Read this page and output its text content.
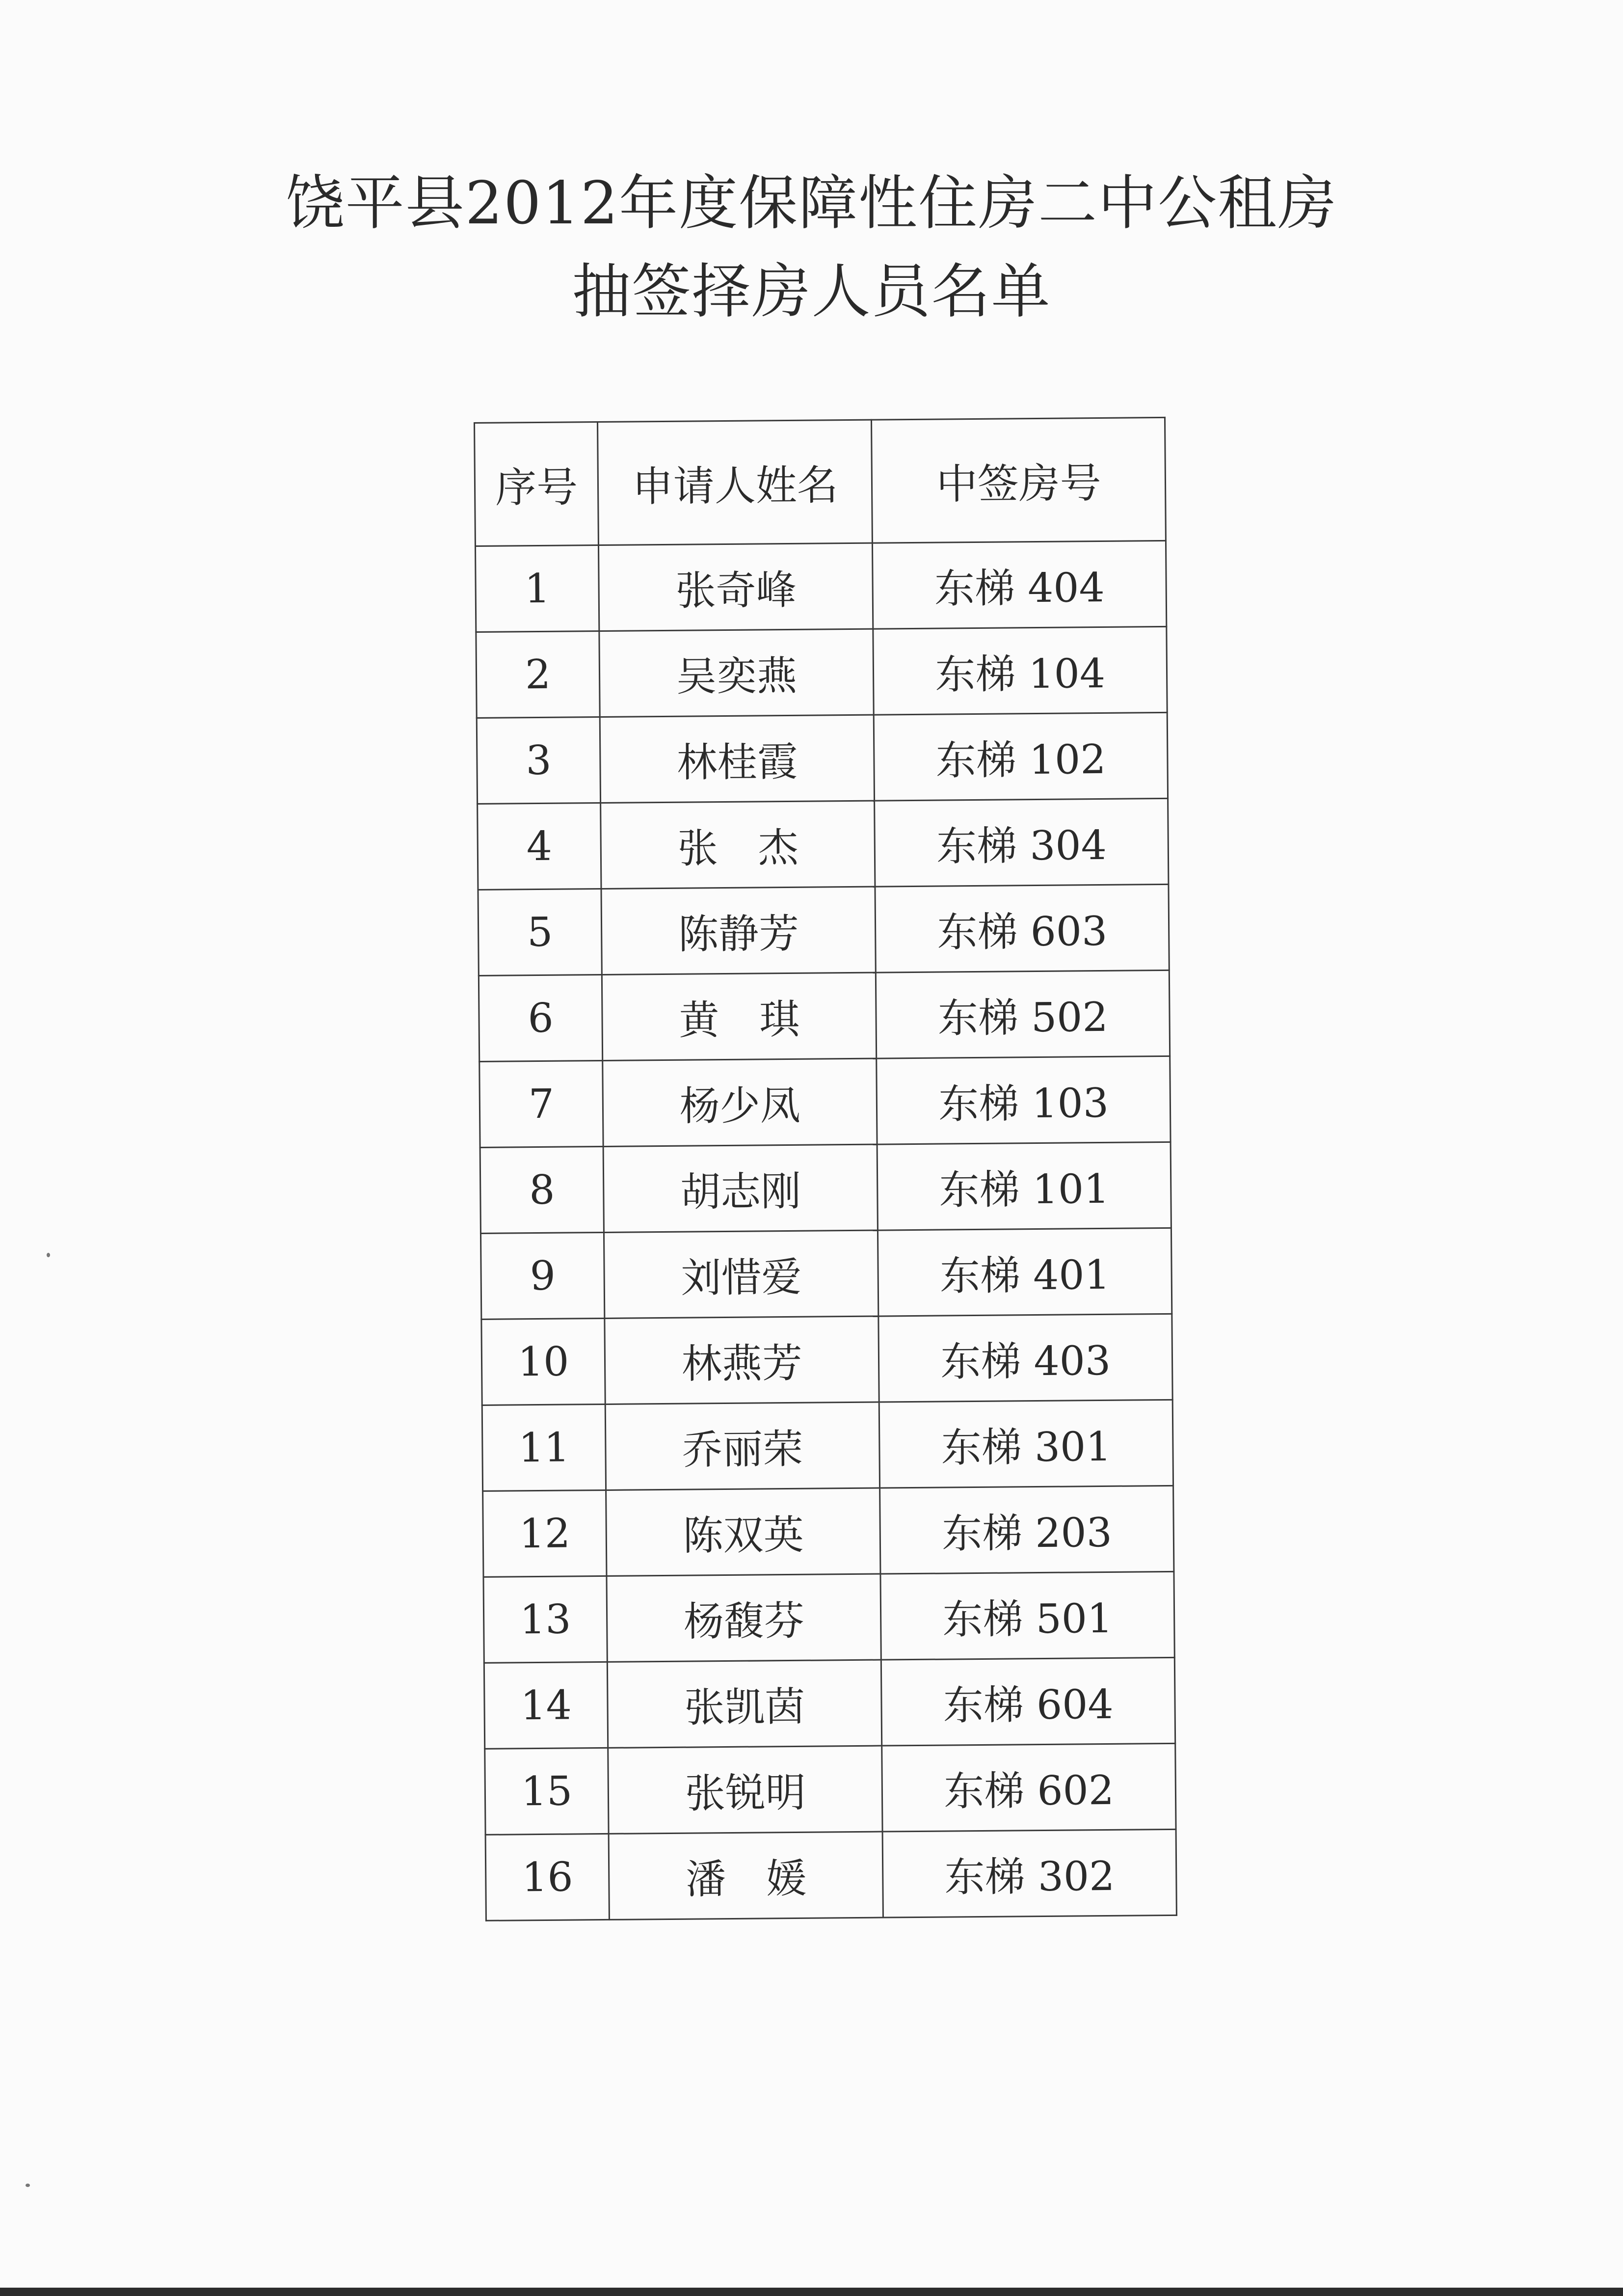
饶平县2012年度保障性住房二中公租房
抽签择房人员名单
序号	申请人姓名	中签房号
1	张奇峰	东梯 404
2	吴奕燕	东梯 104
3	林桂霞	东梯 102
4	张　杰	东梯 304
5	陈静芳	东梯 603
6	黄　琪	东梯 502
7	杨少凤	东梯 103
8	胡志刚	东梯 101
9	刘惜爱	东梯 401
10	林燕芳	东梯 403
11	乔丽荣	东梯 301
12	陈双英	东梯 203
13	杨馥芬	东梯 501
14	张凯茵	东梯 604
15	张锐明	东梯 602
16	潘　媛	东梯 302
